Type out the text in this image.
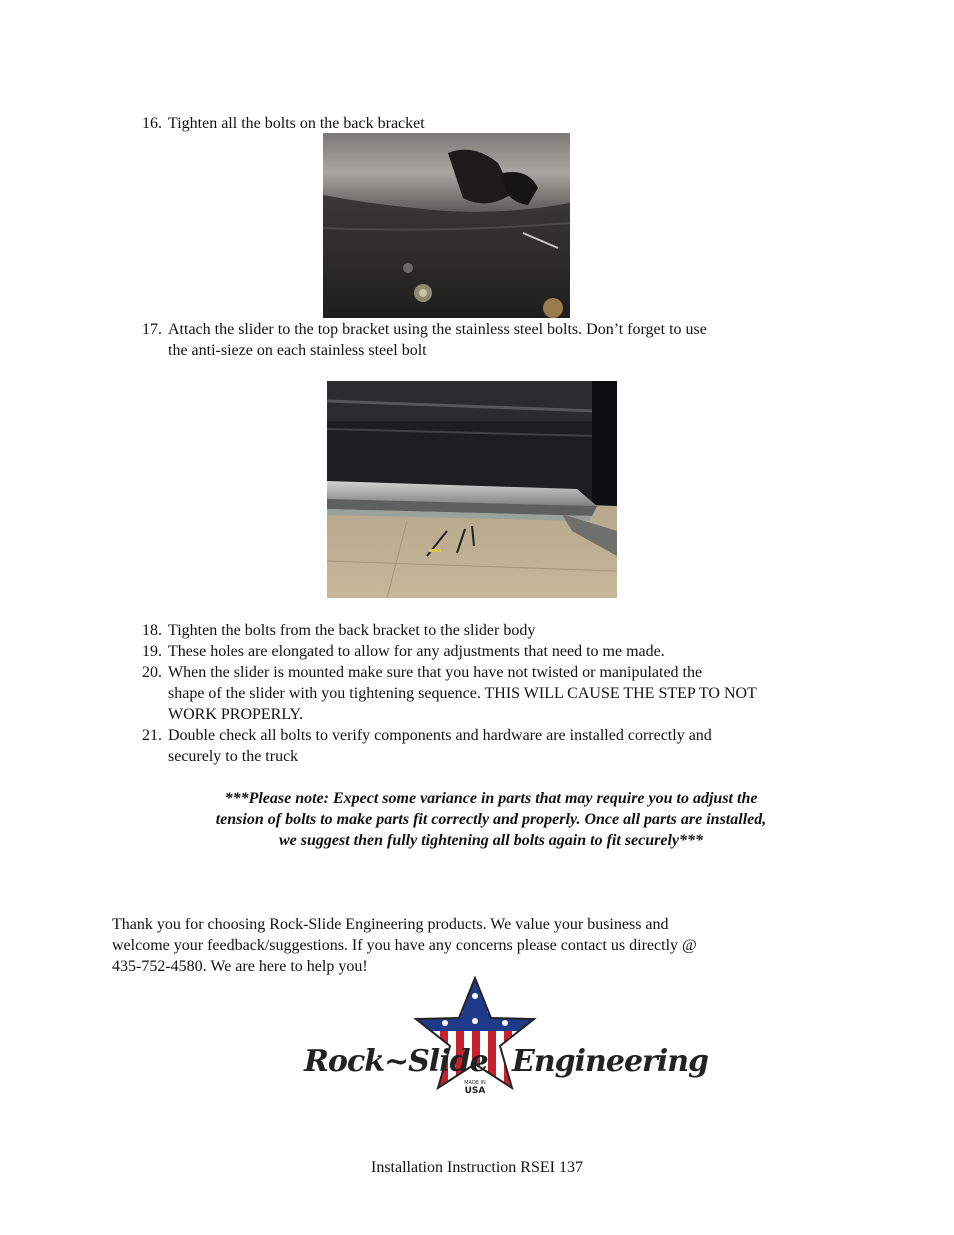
16. Tighten all the bolts on the back bracket
17. Attach the slider to the top bracket using the stainless steel bolts. Don’t forget to use
the anti-sieze on each stainless steel bolt
18. Tighten the bolts from the back bracket to the slider body
19. These holes are elongated to allow for any adjustments that need to me made.
20. When the slider is mounted make sure that you have not twisted or manipulated the
shape of the slider with you tightening sequence. THIS WILL CAUSE THE STEP TO NOT
WORK PROPERLY.
21. Double check all bolts to verify components and hardware are installed correctly and
securely to the truck
***Please note: Expect some variance in parts that may require you to adjust the
tension of bolts to make parts fit correctly and properly. Once all parts are installed,
we suggest then fully tightening all bolts again to fit securely***
Thank you for choosing Rock-Slide Engineering products. We value your business and
welcome your feedback/suggestions. If you have any concerns please contact us directly @
435-752-4580. We are here to help you!
Rock~Slide Engineering
MADE IN
USA
Installation Instruction RSEI 137
